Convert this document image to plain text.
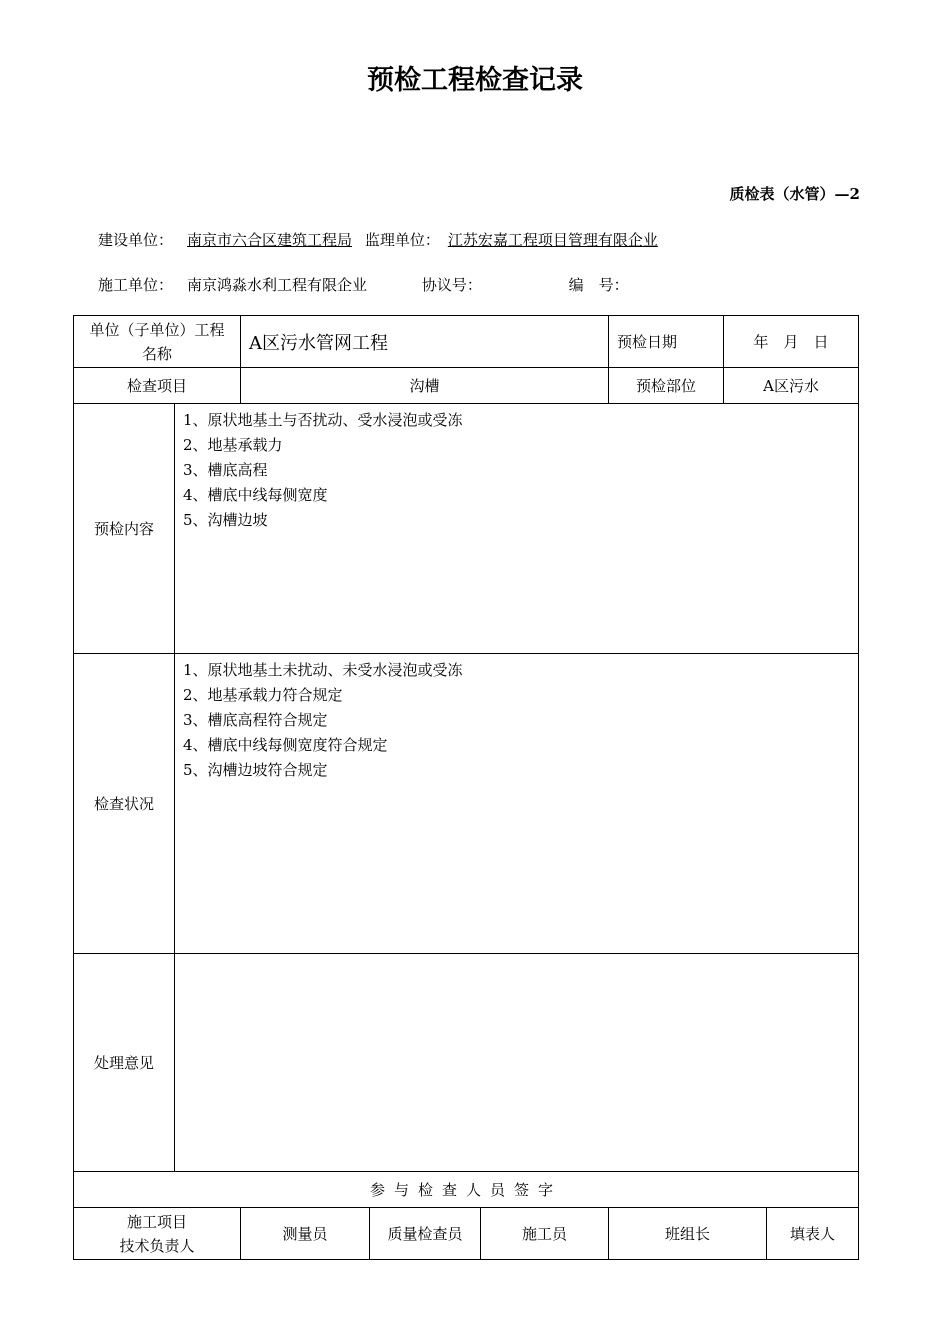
预检工程检查记录
质检表（水管）—2
建设单位： 南京市六合区建筑工程局 监理单位： 江苏宏嘉工程项目管理有限企业
施工单位： 南京鸿淼水利工程有限企业	协议号：	编　号：
单位（子单位）工程名称		A区污水管网工程			预检日期	年　月　日	
检查项目		沟槽			预检部位	A区污水	
预检内容	1、原状地基土与否扰动、受水浸泡或受冻
2、地基承载力
3、槽底高程
4、槽底中线每侧宽度
5、沟槽边坡						

检查状况	1、原状地基土未扰动、未受水浸泡或受冻
2、地基承载力符合规定
3、槽底高程符合规定
4、槽底中线每侧宽度符合规定
5、沟槽边坡符合规定						

处理意见							
参与检查人员签字							

施工项目
技术负责人		测量员	质量检查员	施工员	班组长		填表人
